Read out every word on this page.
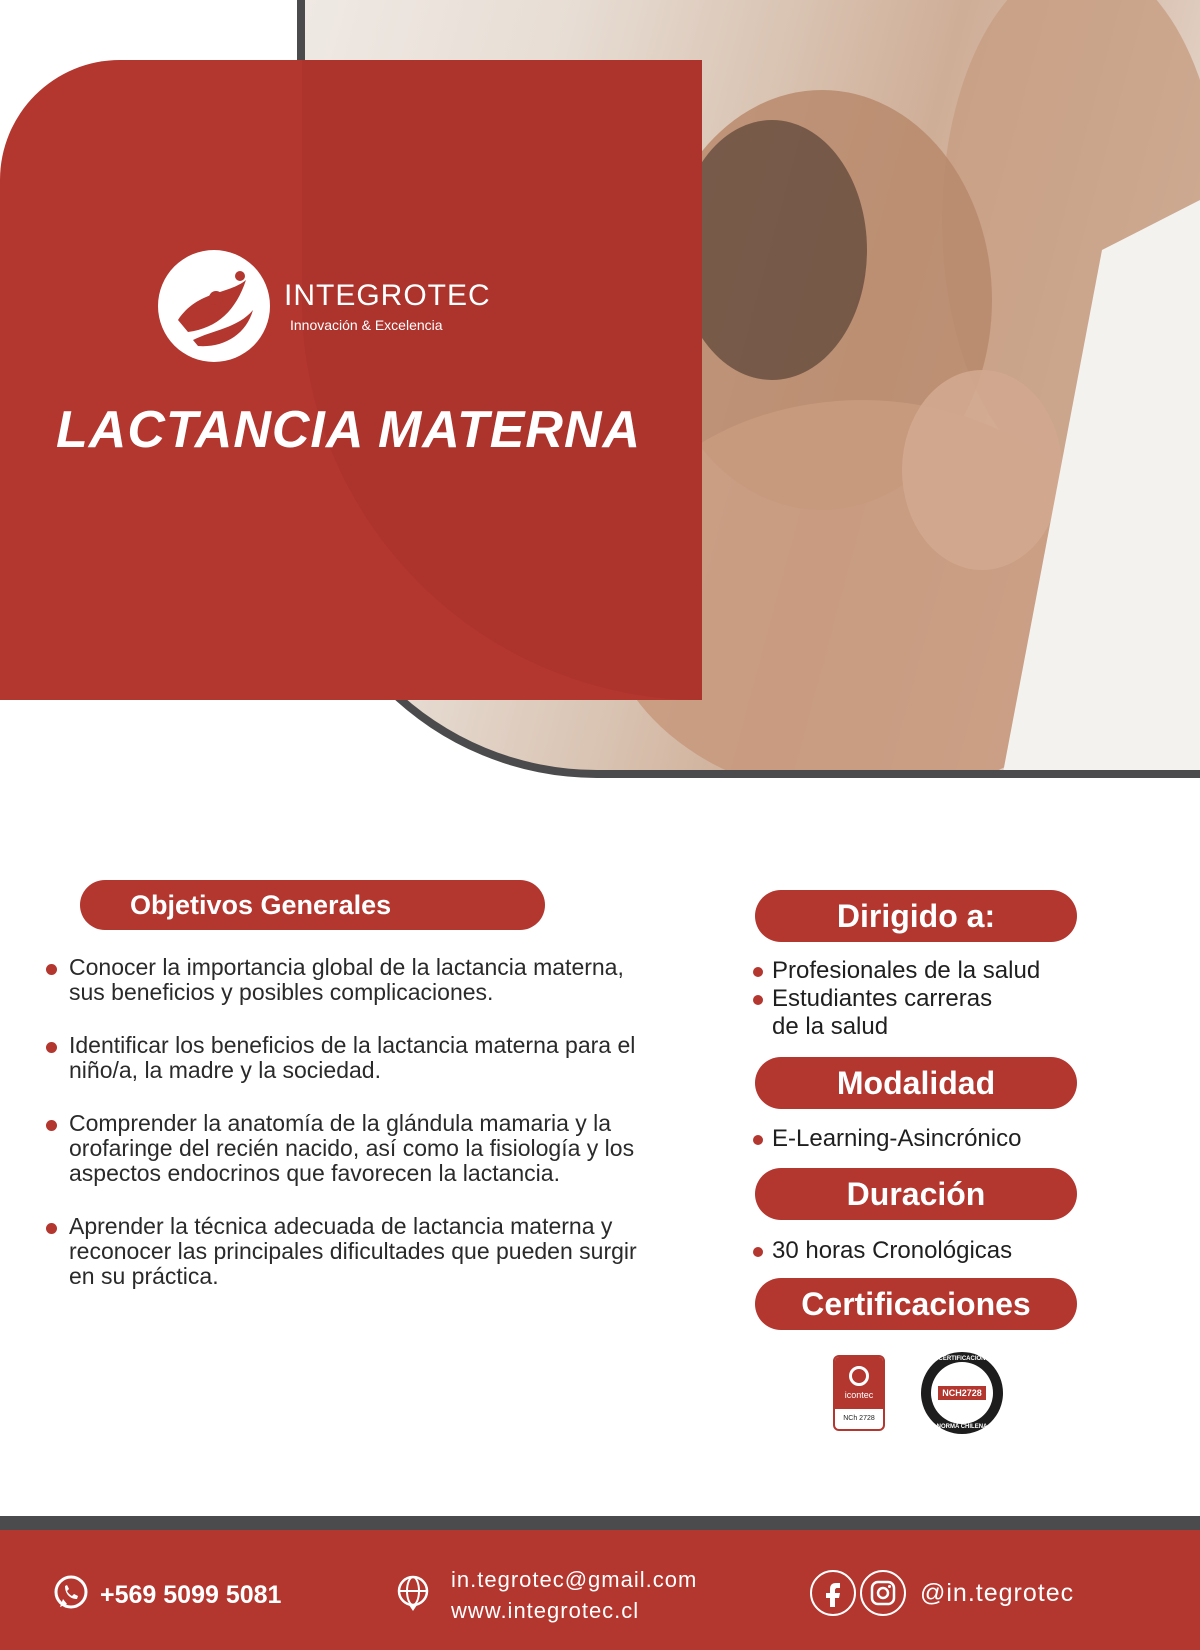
INTEGROTEC
Innovación & Excelencia
LACTANCIA MATERNA
Objetivos Generales
Conocer la importancia global de la lactancia materna, sus beneficios y posibles complicaciones.
Identificar los beneficios de la lactancia materna para el niño/a, la madre y la sociedad.
Comprender la anatomía de la glándula mamaria y la orofaringe del recién nacido, así como la fisiología y los aspectos endocrinos que favorecen la lactancia.
Aprender la técnica adecuada de lactancia materna y reconocer las principales dificultades que pueden surgir en su práctica.
Dirigido a:
Profesionales de la salud
Estudiantes carreras de la salud
Modalidad
E-Learning-Asincrónico
Duración
30 horas Cronológicas
Certificaciones
icontec
NCh 2728
CERTIFICACIÓN
NCH2728
NORMA CHILENA
+569 5099 5081
in.tegrotec@gmail.com
www.integrotec.cl
@in.tegrotec
